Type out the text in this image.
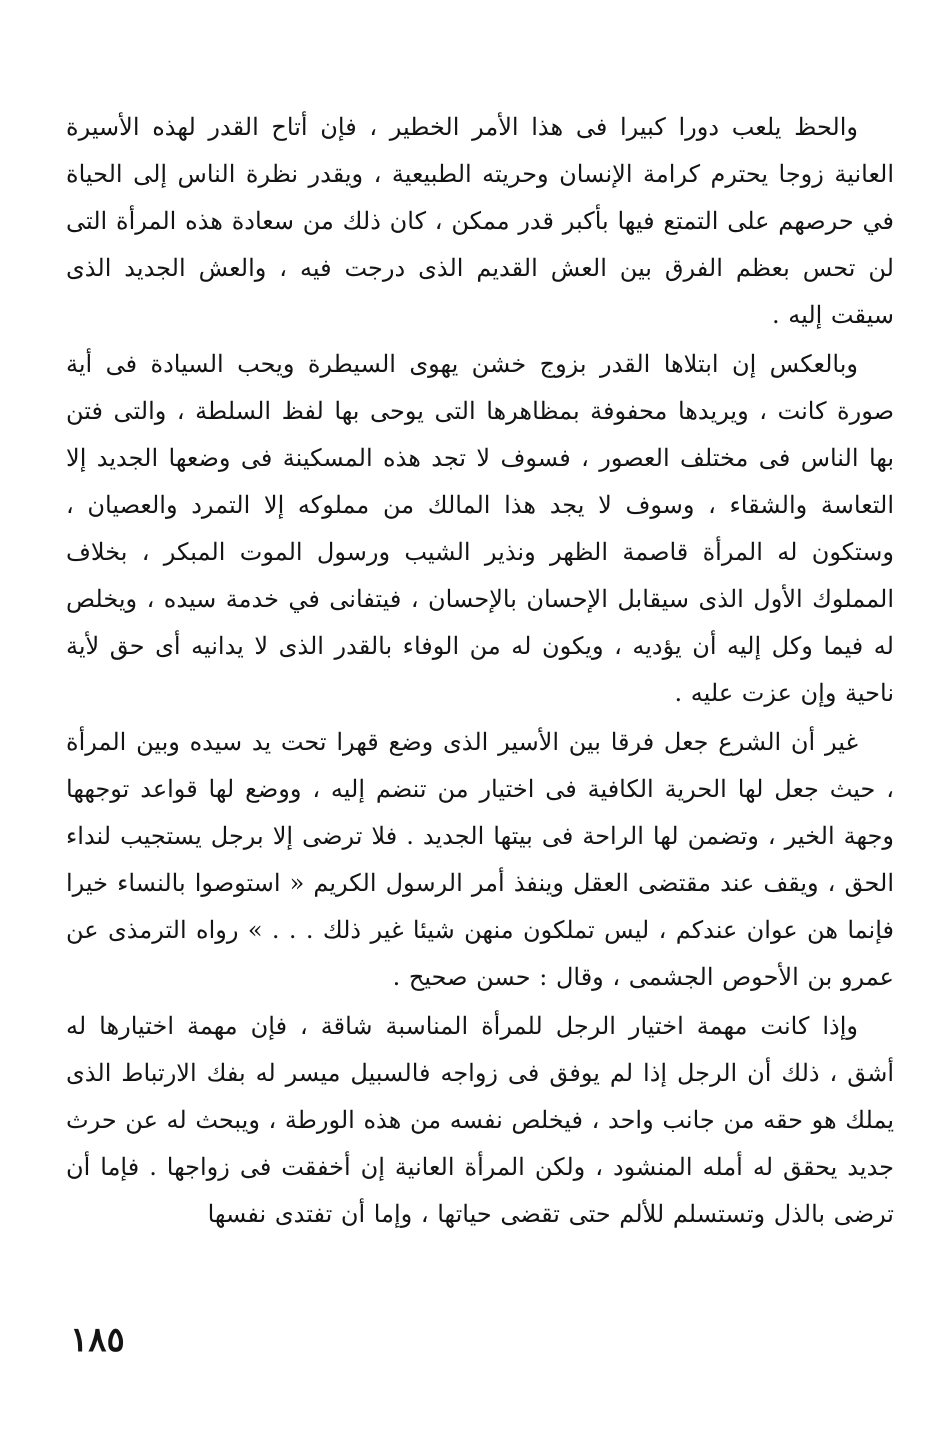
والحظ يلعب دورا كبيرا فى هذا الأمر الخطير ، فإن أتاح القدر لهذه الأسيرة العانية زوجا يحترم كرامة الإنسان وحريته الطبيعية ، ويقدر نظرة الناس إلى الحياة في حرصهم على التمتع فيها بأكبر قدر ممكن ، كان ذلك من سعادة هذه المرأة التى لن تحس بعظم الفرق بين العش القديم الذى درجت فيه ، والعش الجديد الذى سيقت إليه .

وبالعكس إن ابتلاها القدر بزوج خشن يهوى السيطرة ويحب السيادة فى أية صورة كانت ، ويريدها محفوفة بمظاهرها التى يوحى بها لفظ السلطة ، والتى فتن بها الناس فى مختلف العصور ، فسوف لا تجد هذه المسكينة فى وضعها الجديد إلا التعاسة والشقاء ، وسوف لا يجد هذا المالك من مملوكه إلا التمرد والعصيان ، وستكون له المرأة قاصمة الظهر ونذير الشيب ورسول الموت المبكر ، بخلاف المملوك الأول الذى سيقابل الإحسان بالإحسان ، فيتفانى في خدمة سيده ، ويخلص له فيما وكل إليه أن يؤديه ، ويكون له من الوفاء بالقدر الذى لا يدانيه أى حق لأية ناحية وإن عزت عليه .

غير أن الشرع جعل فرقا بين الأسير الذى وضع قهرا تحت يد سيده وبين المرأة ، حيث جعل لها الحرية الكافية فى اختيار من تنضم إليه ، ووضع لها قواعد توجهها وجهة الخير ، وتضمن لها الراحة فى بيتها الجديد . فلا ترضى إلا برجل يستجيب لنداء الحق ، ويقف عند مقتضى العقل وينفذ أمر الرسول الكريم « استوصوا بالنساء خيرا فإنما هن عوان عندكم ، ليس تملكون منهن شيئا غير ذلك . . . » رواه الترمذى عن عمرو بن الأحوص الجشمى ، وقال : حسن صحيح .

وإذا كانت مهمة اختيار الرجل للمرأة المناسبة شاقة ، فإن مهمة اختيارها له أشق ، ذلك أن الرجل إذا لم يوفق فى زواجه فالسبيل ميسر له بفك الارتباط الذى يملك هو حقه من جانب واحد ، فيخلص نفسه من هذه الورطة ، ويبحث له عن حرث جديد يحقق له أمله المنشود ، ولكن المرأة العانية إن أخفقت فى زواجها . فإما أن ترضى بالذل وتستسلم للألم حتى تقضى حياتها ، وإما أن تفتدى نفسها

١٨٥
